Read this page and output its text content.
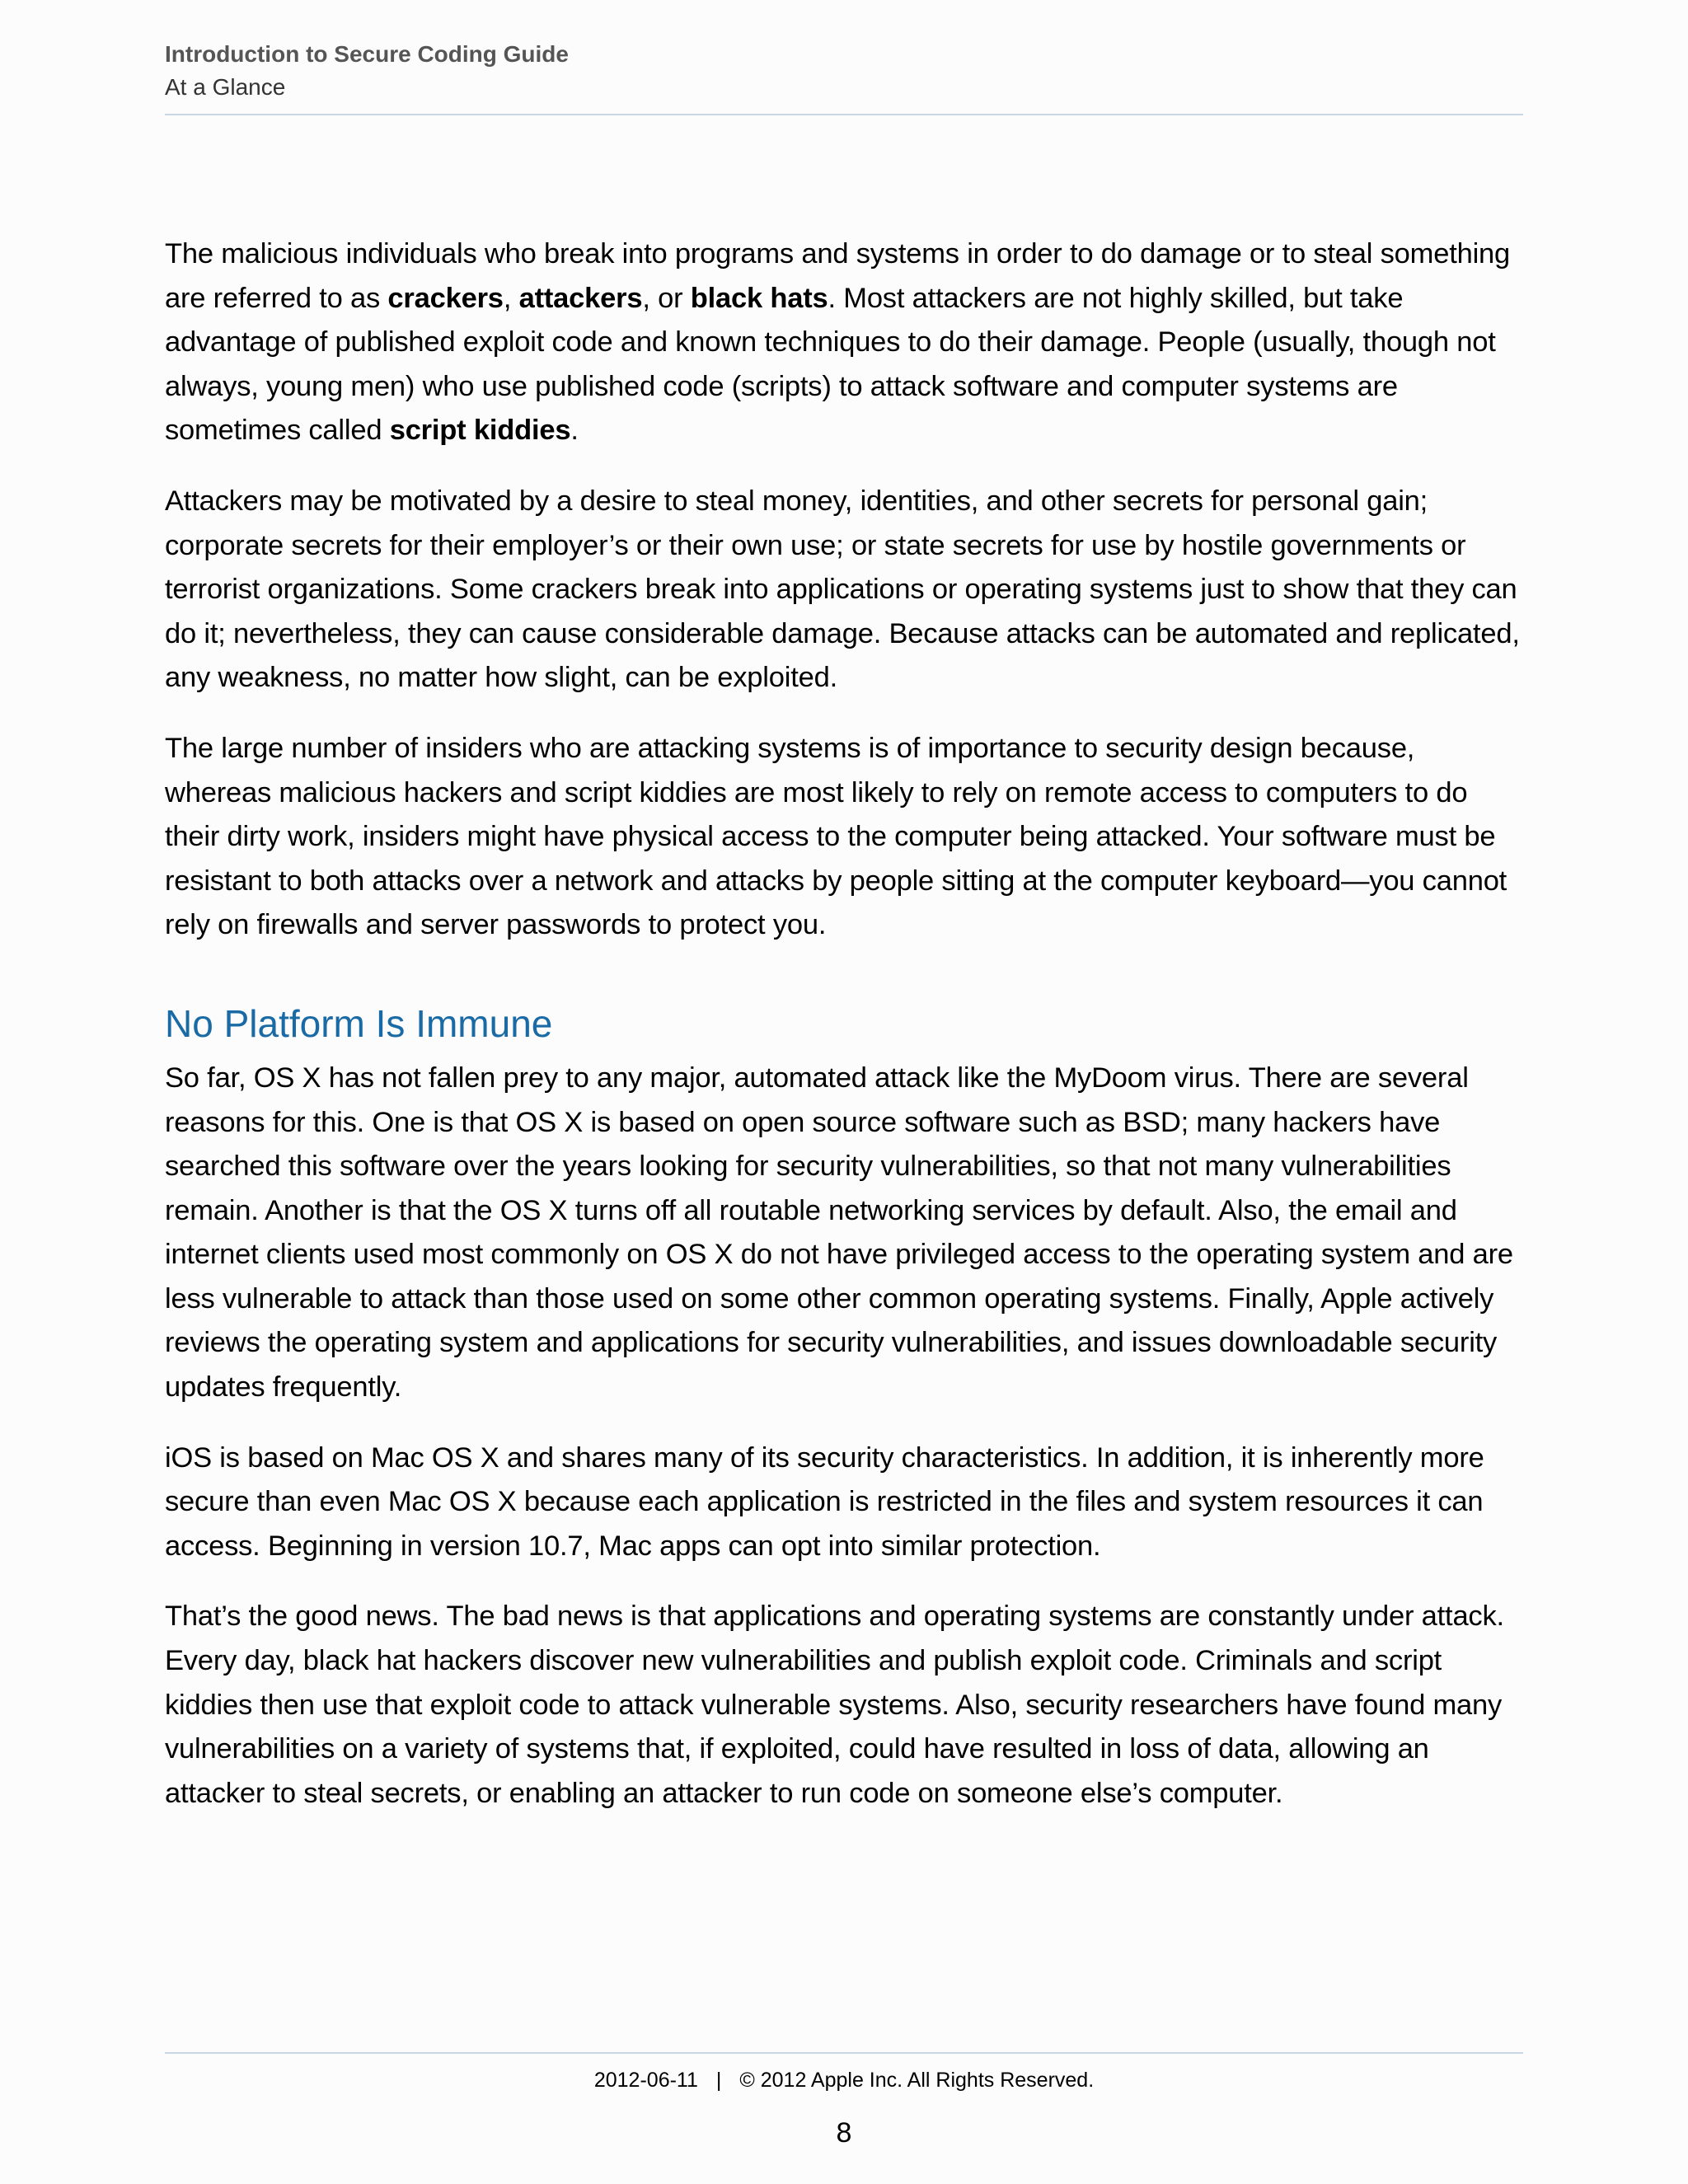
Introduction to Secure Coding Guide
At a Glance

The malicious individuals who break into programs and systems in order to do damage or to steal something are referred to as crackers, attackers, or black hats. Most attackers are not highly skilled, but take advantage of published exploit code and known techniques to do their damage. People (usually, though not always, young men) who use published code (scripts) to attack software and computer systems are sometimes called script kiddies.

Attackers may be motivated by a desire to steal money, identities, and other secrets for personal gain; corporate secrets for their employer’s or their own use; or state secrets for use by hostile governments or terrorist organizations. Some crackers break into applications or operating systems just to show that they can do it; nevertheless, they can cause considerable damage. Because attacks can be automated and replicated, any weakness, no matter how slight, can be exploited.

The large number of insiders who are attacking systems is of importance to security design because, whereas malicious hackers and script kiddies are most likely to rely on remote access to computers to do their dirty work, insiders might have physical access to the computer being attacked. Your software must be resistant to both attacks over a network and attacks by people sitting at the computer keyboard—you cannot rely on firewalls and server passwords to protect you.

No Platform Is Immune

So far, OS X has not fallen prey to any major, automated attack like the MyDoom virus. There are several reasons for this. One is that OS X is based on open source software such as BSD; many hackers have searched this software over the years looking for security vulnerabilities, so that not many vulnerabilities remain. Another is that the OS X turns off all routable networking services by default. Also, the email and internet clients used most commonly on OS X do not have privileged access to the operating system and are less vulnerable to attack than those used on some other common operating systems. Finally, Apple actively reviews the operating system and applications for security vulnerabilities, and issues downloadable security updates frequently.

iOS is based on Mac OS X and shares many of its security characteristics. In addition, it is inherently more secure than even Mac OS X because each application is restricted in the files and system resources it can access. Beginning in version 10.7, Mac apps can opt into similar protection.

That’s the good news. The bad news is that applications and operating systems are constantly under attack. Every day, black hat hackers discover new vulnerabilities and publish exploit code. Criminals and script kiddies then use that exploit code to attack vulnerable systems. Also, security researchers have found many vulnerabilities on a variety of systems that, if exploited, could have resulted in loss of data, allowing an attacker to steal secrets, or enabling an attacker to run code on someone else’s computer.

2012-06-11 | © 2012 Apple Inc. All Rights Reserved.
8
